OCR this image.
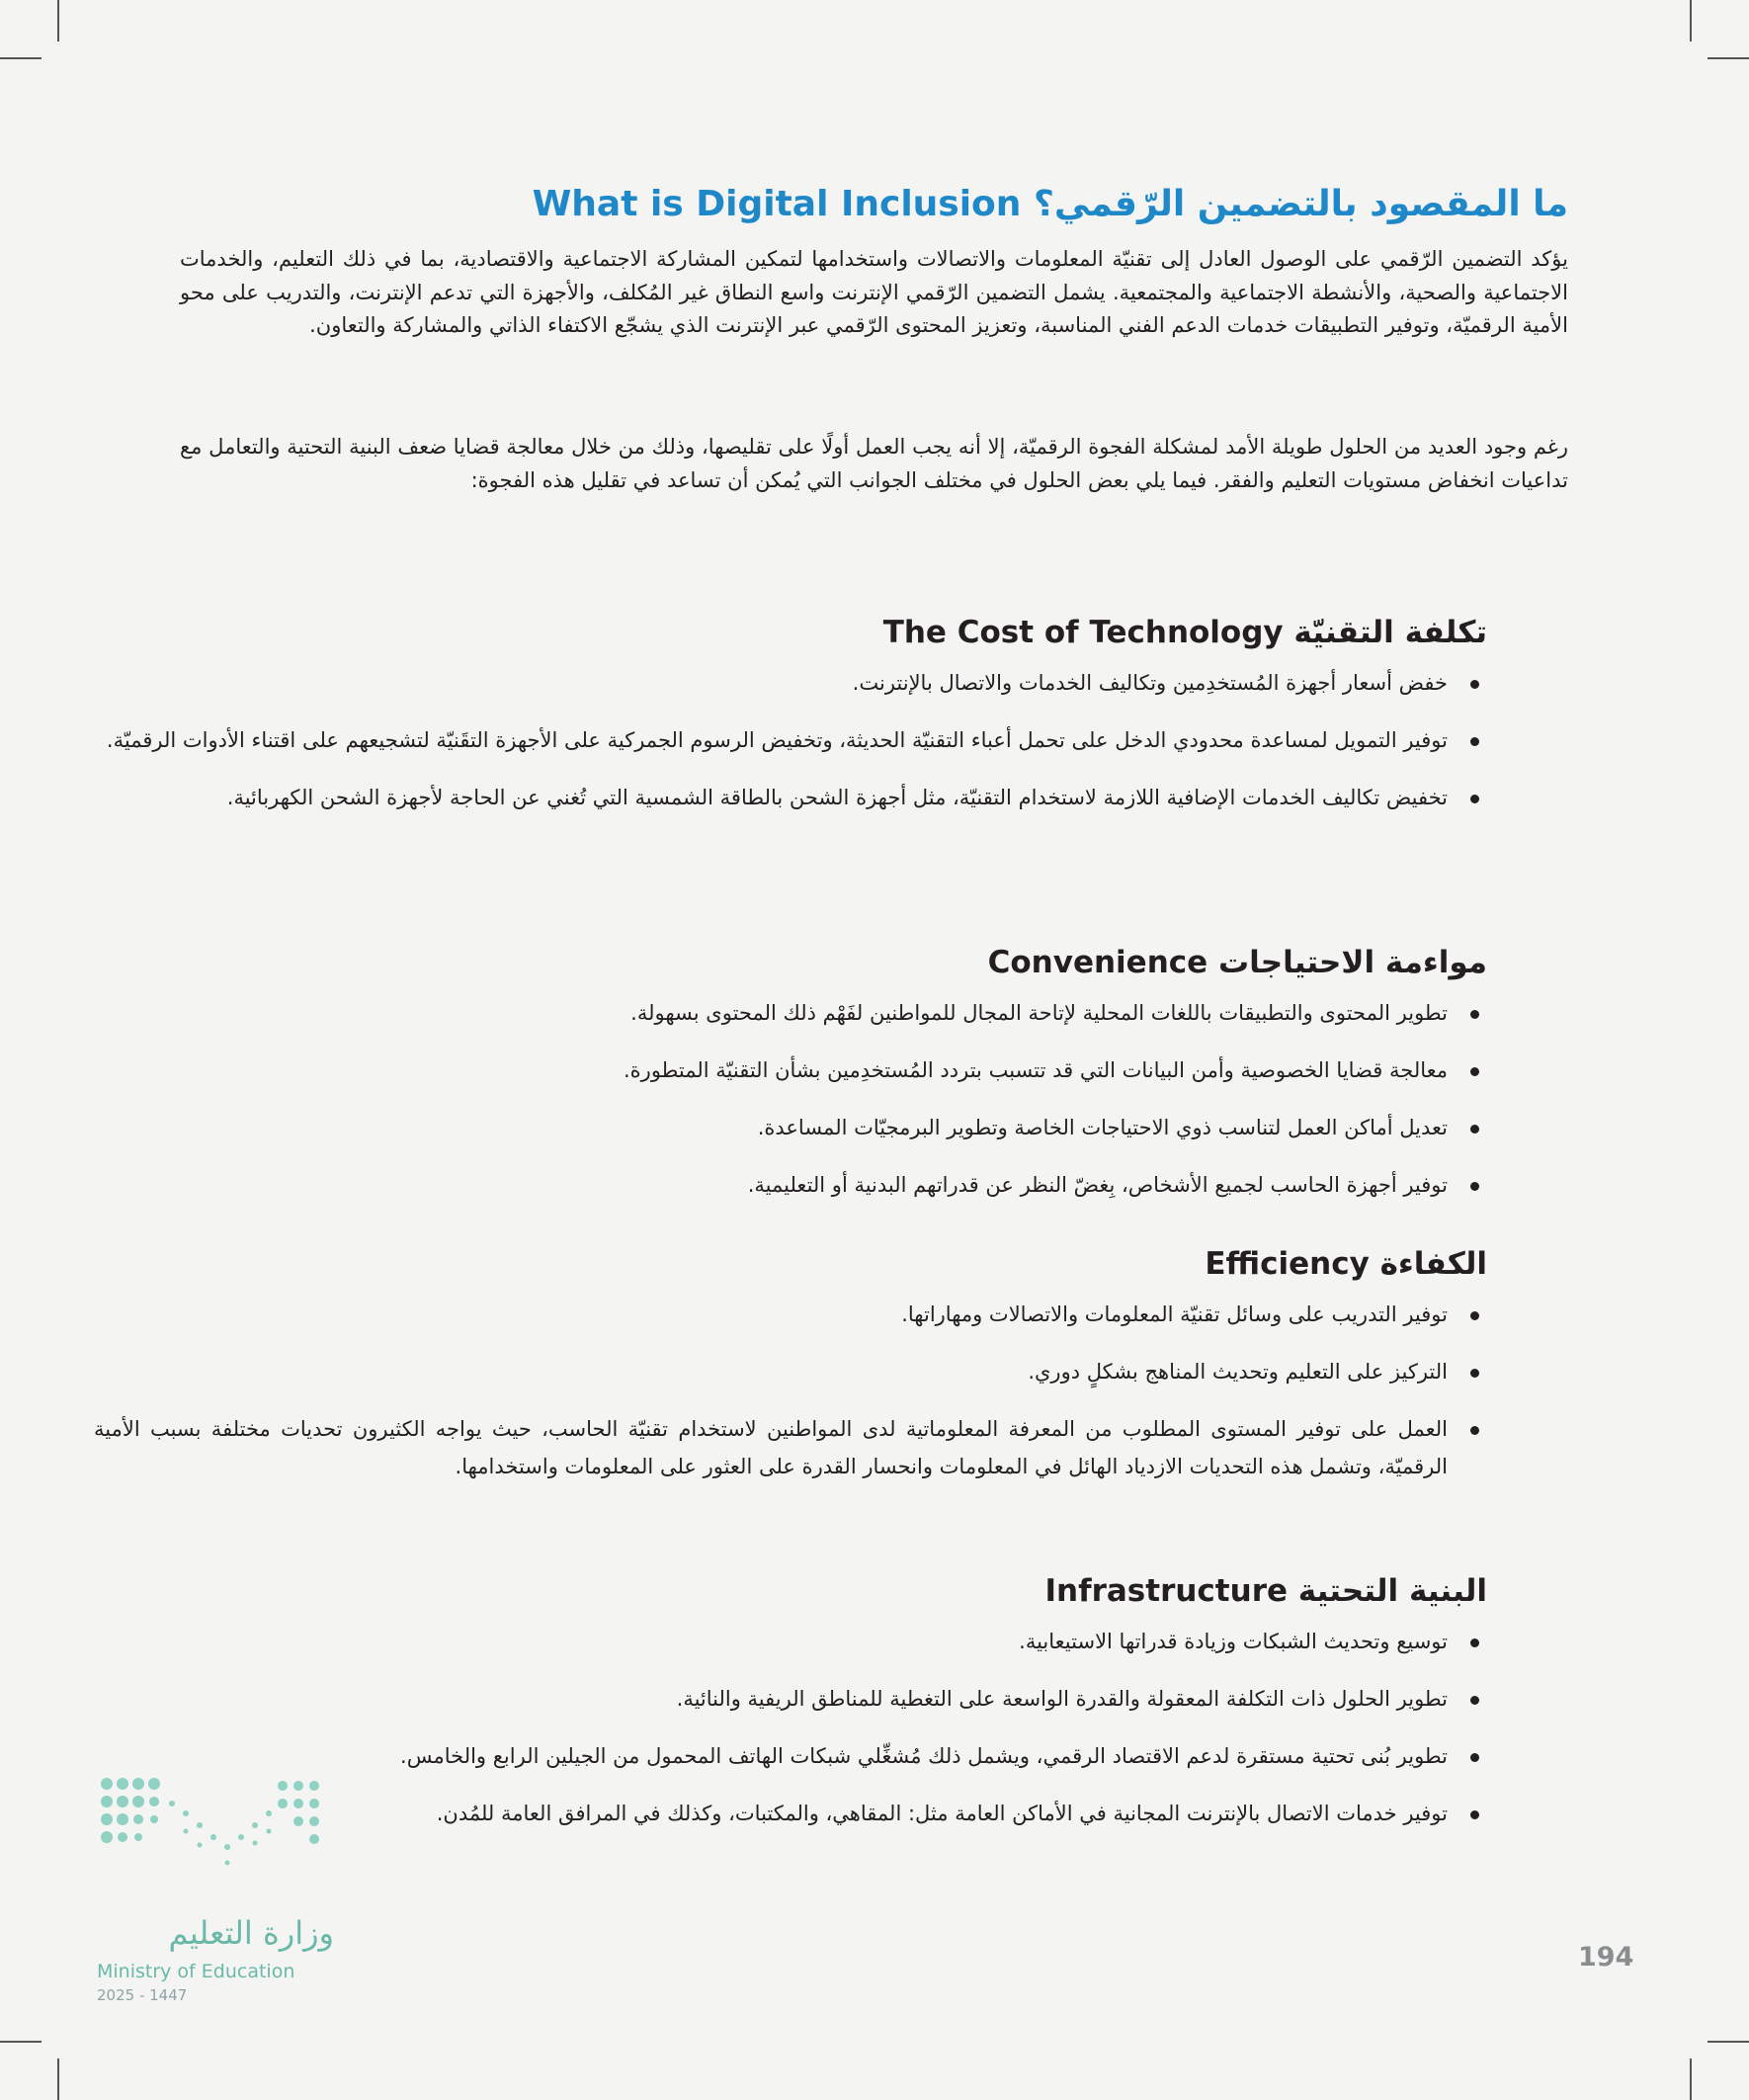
ما المقصود بالتضمين الرّقمي؟ What is Digital Inclusion

يؤكد التضمين الرّقمي على الوصول العادل إلى تقنيّة المعلومات والاتصالات واستخدامها لتمكين المشاركة الاجتماعية والاقتصادية، بما في ذلك التعليم، والخدمات الاجتماعية والصحية، والأنشطة الاجتماعية والمجتمعية. يشمل التضمين الرّقمي الإنترنت واسع النطاق غير المُكلف، والأجهزة التي تدعم الإنترنت، والتدريب على محو الأمية الرقميّة، وتوفير التطبيقات خدمات الدعم الفني المناسبة، وتعزيز المحتوى الرّقمي عبر الإنترنت الذي يشجّع الاكتفاء الذاتي والمشاركة والتعاون.

رغم وجود العديد من الحلول طويلة الأمد لمشكلة الفجوة الرقميّة، إلا أنه يجب العمل أولًا على تقليصها، وذلك من خلال معالجة قضايا ضعف البنية التحتية والتعامل مع تداعيات انخفاض مستويات التعليم والفقر. فيما يلي بعض الحلول في مختلف الجوانب التي يُمكن أن تساعد في تقليل هذه الفجوة:

تكلفة التقنيّة The Cost of Technology
خفض أسعار أجهزة المُستخدِمين وتكاليف الخدمات والاتصال بالإنترنت.
توفير التمويل لمساعدة محدودي الدخل على تحمل أعباء التقنيّة الحديثة، وتخفيض الرسوم الجمركية على الأجهزة التقَنيّة لتشجيعهم على اقتناء الأدوات الرقميّة.
تخفيض تكاليف الخدمات الإضافية اللازمة لاستخدام التقنيّة، مثل أجهزة الشحن بالطاقة الشمسية التي تُغني عن الحاجة لأجهزة الشحن الكهربائية.
مواءمة الاحتياجات Convenience
تطوير المحتوى والتطبيقات باللغات المحلية لإتاحة المجال للمواطنين لفَهْم ذلك المحتوى بسهولة.
معالجة قضايا الخصوصية وأمن البيانات التي قد تتسبب بتردد المُستخدِمين بشأن التقنيّة المتطورة.
تعديل أماكن العمل لتناسب ذوي الاحتياجات الخاصة وتطوير البرمجيّات المساعدة.
توفير أجهزة الحاسب لجميع الأشخاص، بِغضّ النظر عن قدراتهم البدنية أو التعليمية.
الكفاءة Efficiency
توفير التدريب على وسائل تقنيّة المعلومات والاتصالات ومهاراتها.
التركيز على التعليم وتحديث المناهج بشكلٍ دوري.
العمل على توفير المستوى المطلوب من المعرفة المعلوماتية لدى المواطنين لاستخدام تقنيّة الحاسب، حيث يواجه الكثيرون تحديات مختلفة بسبب الأمية الرقميّة، وتشمل هذه التحديات الازدياد الهائل في المعلومات وانحسار القدرة على العثور على المعلومات واستخدامها.
البنية التحتية Infrastructure
توسيع وتحديث الشبكات وزيادة قدراتها الاستيعابية.
تطوير الحلول ذات التكلفة المعقولة والقدرة الواسعة على التغطية للمناطق الريفية والنائية.
تطوير بُنى تحتية مستقرة لدعم الاقتصاد الرقمي، ويشمل ذلك مُشغِّلي شبكات الهاتف المحمول من الجيلين الرابع والخامس.
توفير خدمات الاتصال بالإنترنت المجانية في الأماكن العامة مثل: المقاهي، والمكتبات، وكذلك في المرافق العامة للمُدن.
وزارة التعليم
Ministry of Education
2025 - 1447
194
